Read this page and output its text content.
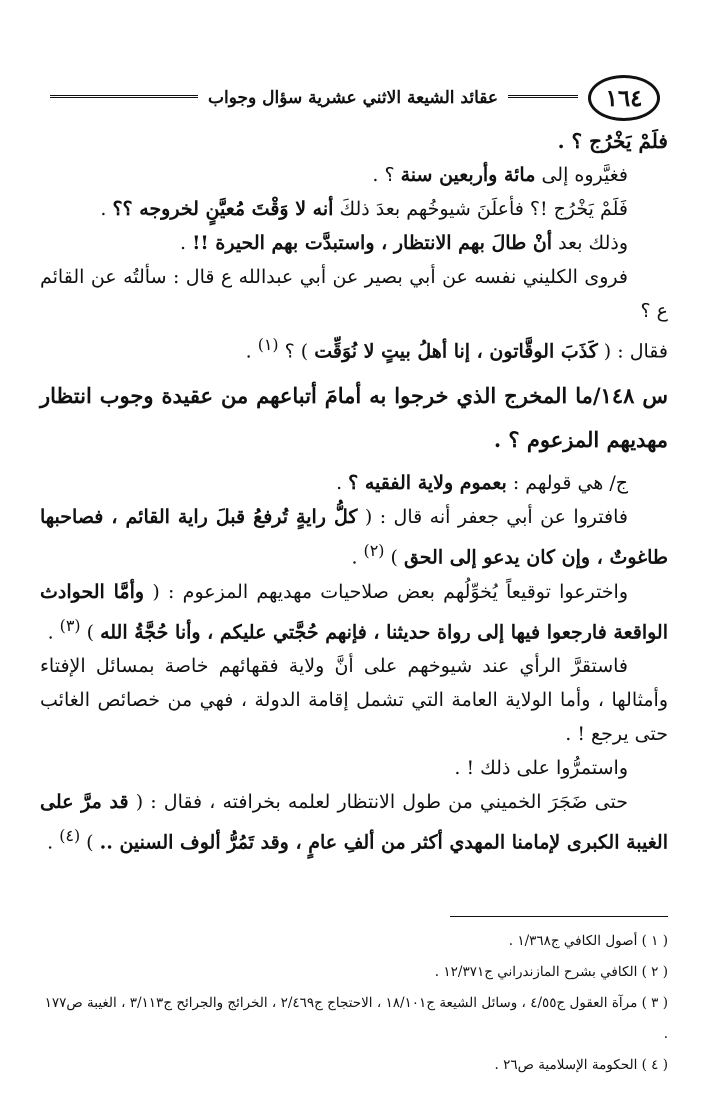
١٦٤
عقائد الشيعة الاثني عشرية سؤال وجواب

فلَمْ يَخْرُج ؟ .

فغيَّروه إلى مائة وأربعين سنة ؟ .

فَلَمْ يَخْرُج !؟ فأعلَنَ شيوخُهم بعدَ ذلكَ أنه لا وَقْتَ مُعيَّنٍ لخروجه ؟؟ .

وذلك بعد أنْ طالَ بهم الانتظار ، واستبدَّت بهم الحيرة !! .

فروى الكليني نفسه عن أبي بصير عن أبي عبدالله ع قال : سألتُه عن القائم ع ؟

فقال : ( كَذَبَ الوقَّاتون ، إنا أهلُ بيتٍ لا نُوَقِّت ) ؟ $^{(١)}$ .

س ١٤٨/ما المخرج الذي خرجوا به أمامَ أتباعهم من عقيدة وجوب انتظار مهديهم المزعوم ؟ .

ج/ هي قولهم : بعموم ولاية الفقيه ؟ .

فافتروا عن أبي جعفر أنه قال : ( كلُّ رايةٍ تُرفعُ قبلَ راية القائم ، فصاحبها طاغوتٌ ، وإن كان يدعو إلى الحق ) $^{(٢)}$ .

واخترعوا توقيعاً يُخوِّلُهم بعض صلاحيات مهديهم المزعوم : ( وأمَّا الحوادث الواقعة فارجعوا فيها إلى رواة حديثنا ، فإنهم حُجَّتي عليكم ، وأنا حُجَّةُ الله ) $^{(٣)}$ .

فاستقرَّ الرأي عند شيوخهم على أنَّ ولاية فقهائهم خاصة بمسائل الإفتاء وأمثالها ، وأما الولاية العامة التي تشمل إقامة الدولة ، فهي من خصائص الغائب حتى يرجع ! .

واستمرُّوا على ذلك ! .

حتى ضَجَرَ الخميني من طول الانتظار لعلمه بخرافته ، فقال : ( قد مرَّ على الغيبة الكبرى لإمامنا المهدي أكثر من ألفِ عامٍ ، وقد تَمُرُّ ألوف السنين .. ) $^{(٤)}$ .

( ١ ) أصول الكافي ج١/٣٦٨ .

( ٢ ) الكافي بشرح المازندراني ج١٢/٣٧١ .

( ٣ ) مرآة العقول ج٤/٥٥ ، وسائل الشيعة ج١٨/١٠١ ، الاحتجاج ج٢/٤٦٩ ، الخرائج والجرائح ج٣/١١٣ ، الغيبة ص١٧٧ .

( ٤ ) الحكومة الإسلامية ص٢٦ .
